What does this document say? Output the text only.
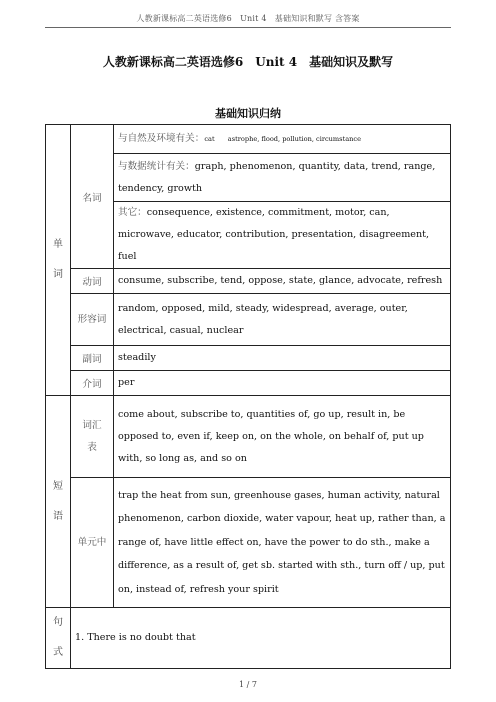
人教新课标高二英语选修6　Unit 4　基础知识和默写 含答案
人教新课标高二英语选修6　Unit 4　基础知识及默写
基础知识归纳
单词	名词	与自然及环境有关：cat　　astrophe, flood, pollution, circumstance
		与数据统计有关：graph, phenomenon, quantity, data, trend, range, tendency, growth
		其它：consequence, existence, commitment, motor, can, microwave, educator, contribution, presentation, disagreement, fuel
	动词	consume, subscribe, tend, oppose, state, glance, advocate, refresh
	形容词	random, opposed, mild, steady, widespread, average, outer, electrical, casual, nuclear
	副词	steadily
	介词	per
短语	词汇表	come about, subscribe to, quantities of, go up, result in, be opposed to, even if, keep on, on the whole, on behalf of, put up with, so long as, and so on
	单元中	trap the heat from sun, greenhouse gases, human activity, natural phenomenon, carbon dioxide, water vapour, heat up, rather than, a range of, have little effect on, have the power to do sth., make a difference, as a result of, get sb. started with sth., turn off / up, put on, instead of, refresh your spirit
句式	1. There is no doubt that	
1 / 7
